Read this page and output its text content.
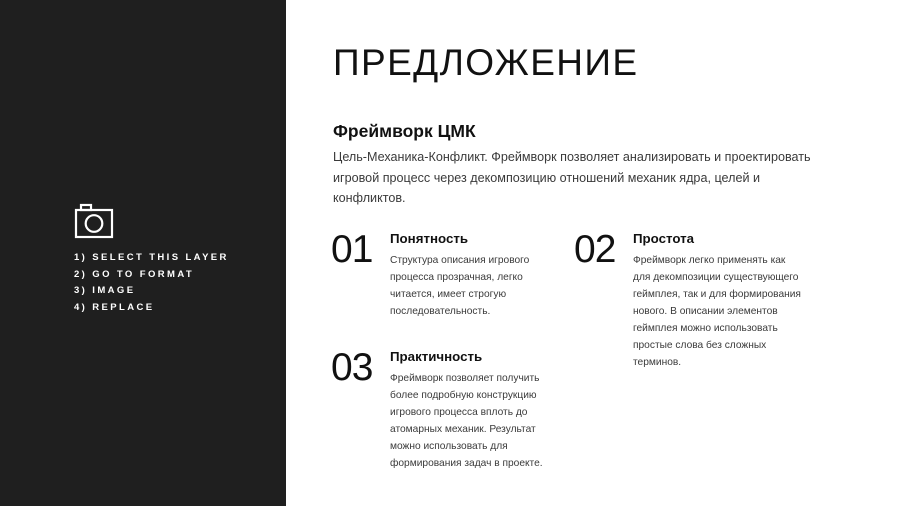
1) SELECT THIS LAYER
2) GO TO FORMAT
3) IMAGE
4) REPLACE
ПРЕДЛОЖЕНИЕ
Фреймворк ЦМК

Цель-Механика-Конфликт. Фреймворк позволяет анализировать и проектировать игровой процесс через декомпозицию отношений механик ядра, целей и конфликтов.

01 Понятность

Структура описания игрового процесса прозрачная, легко читается, имеет строгую последовательность.

02 Простота

Фреймворк легко применять как для декомпозиции существующего геймплея, так и для формирования нового. В описании элементов геймплея можно использовать простые слова без сложных терминов.

03 Практичность

Фреймворк позволяет получить более подробную конструкцию игрового процесса вплоть до атомарных механик. Результат можно использовать для формирования задач в проекте.
